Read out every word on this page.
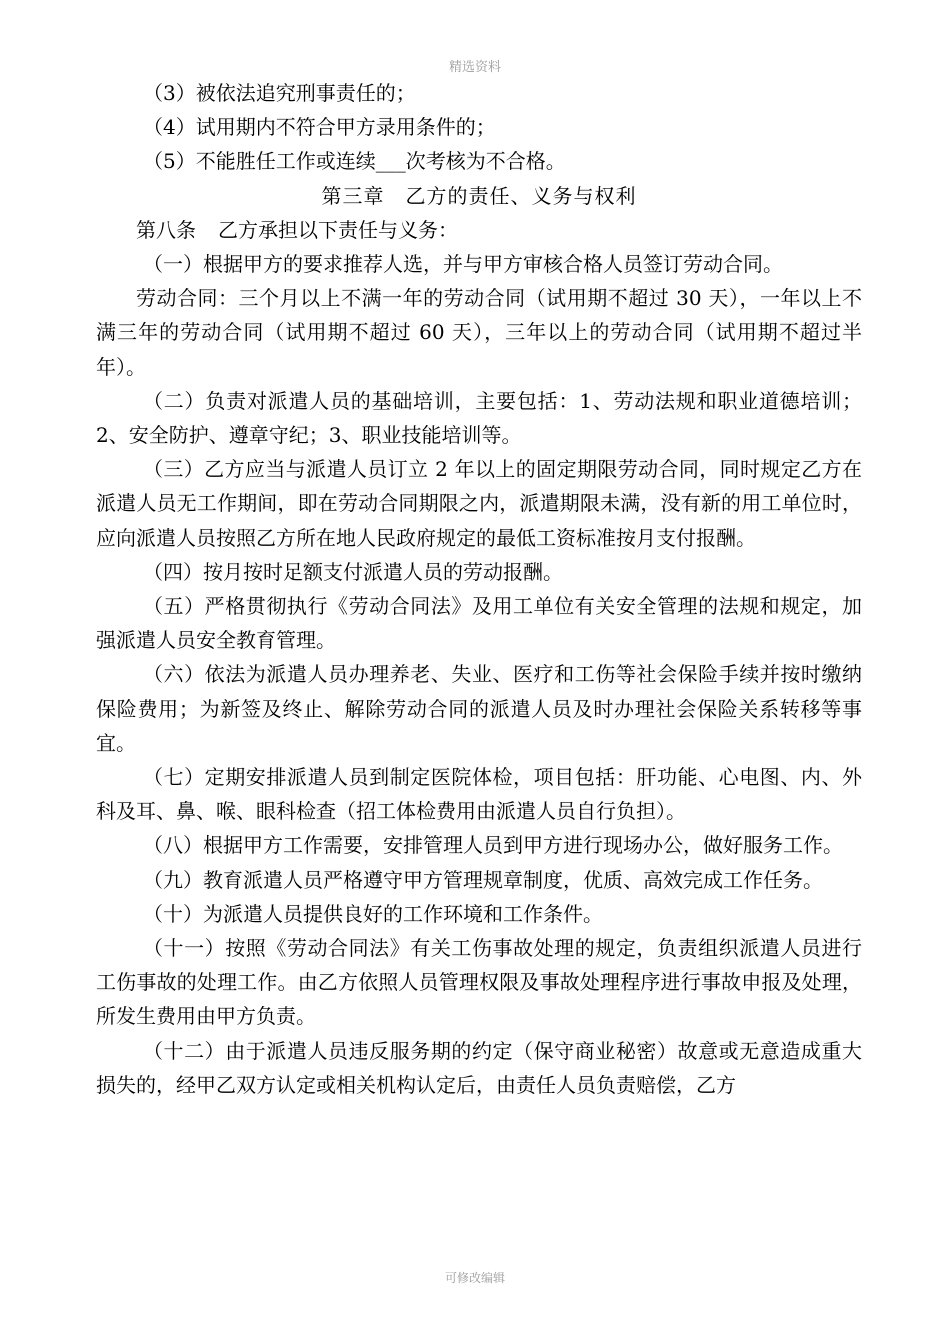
精选资料

（3）被依法追究刑事责任的；

（4）试用期内不符合甲方录用条件的；

（5）不能胜任工作或连续___次考核为不合格。

第三章　乙方的责任、义务与权利

第八条 乙方承担以下责任与义务：

（一）根据甲方的要求推荐人选，并与甲方审核合格人员签订劳动合同。

劳动合同：三个月以上不满一年的劳动合同（试用期不超过 30 天），一年以上不满三年的劳动合同（试用期不超过 60 天），三年以上的劳动合同（试用期不超过半年）。

（二）负责对派遣人员的基础培训，主要包括：1、劳动法规和职业道德培训；2、安全防护、遵章守纪；3、职业技能培训等。

（三）乙方应当与派遣人员订立 2 年以上的固定期限劳动合同，同时规定乙方在派遣人员无工作期间，即在劳动合同期限之内，派遣期限未满，没有新的用工单位时，应向派遣人员按照乙方所在地人民政府规定的最低工资标准按月支付报酬。

（四）按月按时足额支付派遣人员的劳动报酬。

（五）严格贯彻执行《劳动合同法》及用工单位有关安全管理的法规和规定，加强派遣人员安全教育管理。

（六）依法为派遣人员办理养老、失业、医疗和工伤等社会保险手续并按时缴纳保险费用；为新签及终止、解除劳动合同的派遣人员及时办理社会保险关系转移等事宜。

（七）定期安排派遣人员到制定医院体检，项目包括：肝功能、心电图、内、外科及耳、鼻、喉、眼科检查（招工体检费用由派遣人员自行负担）。

（八）根据甲方工作需要，安排管理人员到甲方进行现场办公，做好服务工作。

（九）教育派遣人员严格遵守甲方管理规章制度，优质、高效完成工作任务。

（十）为派遣人员提供良好的工作环境和工作条件。

（十一）按照《劳动合同法》有关工伤事故处理的规定，负责组织派遣人员进行工伤事故的处理工作。由乙方依照人员管理权限及事故处理程序进行事故申报及处理，所发生费用由甲方负责。

（十二）由于派遣人员违反服务期的约定（保守商业秘密）故意或无意造成重大损失的，经甲乙双方认定或相关机构认定后，由责任人员负责赔偿，乙方

可修改编辑
